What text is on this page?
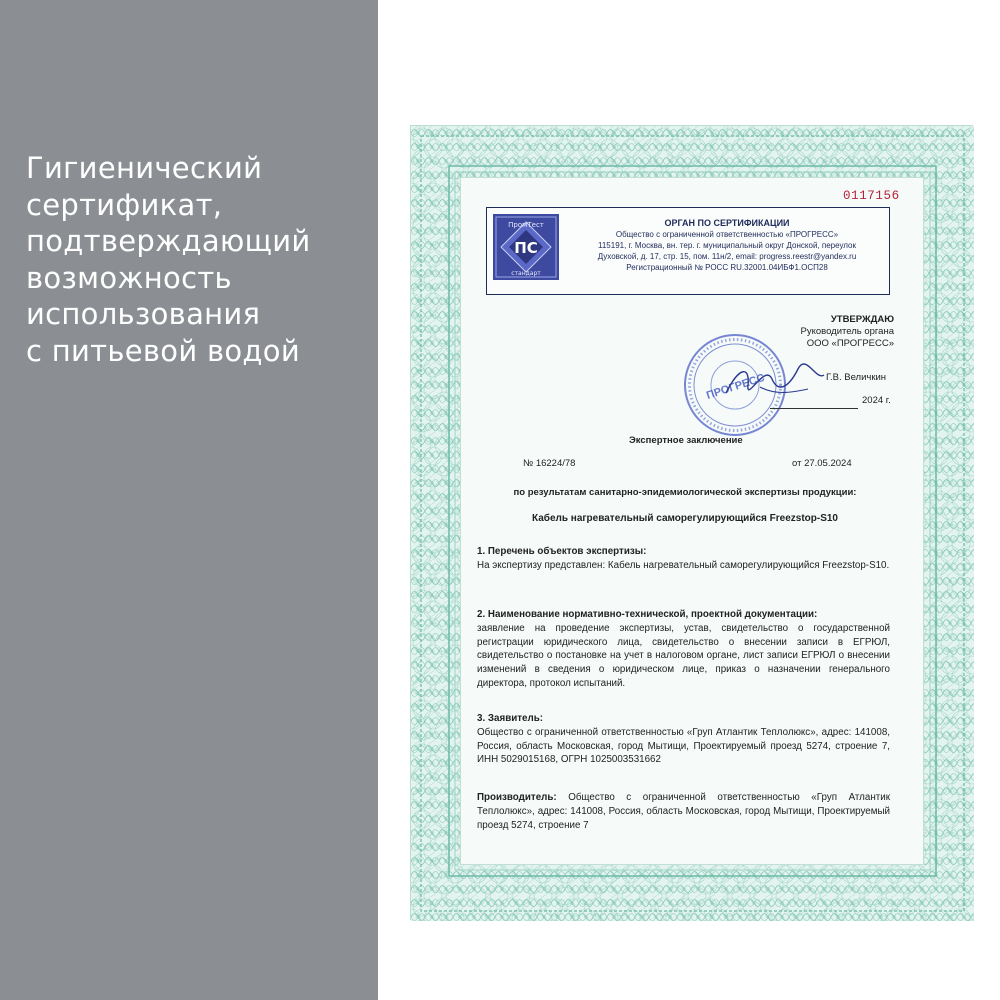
Гигиенический
сертификат,
подтверждающий
возможность
использования
с питьевой водой

0117156

ПС
ПромТест
стандарт
ОРГАН ПО СЕРТИФИКАЦИИ
Общество с ограниченной ответственностью «ПРОГРЕСС»
115191, г. Москва, вн. тер. г. муниципальный округ Донской, переулок
Духовской, д. 17, стр. 15, пом. 11н/2, email: progress.reestr@yandex.ru
Регистрационный № РОСС RU.32001.04ИБФ1.ОСП28
УТВЕРЖДАЮ
Руководитель органа
ООО «ПРОГРЕСС»
ПРОГРЕСС	Г.В. Величкин
2024 г.

Экспертное заключение

№ 16224/78	от 27.05.2024

по результатам санитарно-эпидемиологической экспертизы продукции:

Кабель нагревательный саморегулирующийся Freezstop-S10

1. Перечень объектов экспертизы:
На экспертизу представлен: Кабель нагревательный саморегулирующийся Freezstop-S10.

2. Наименование нормативно-технической, проектной документации:
заявление на проведение экспертизы, устав, свидетельство о государственной регистрации юридического лица, свидетельство о внесении записи в ЕГРЮЛ, свидетельство о постановке на учет в налоговом органе, лист записи ЕГРЮЛ о внесении изменений в сведения о юридическом лице, приказ о назначении генерального директора, протокол испытаний.

3. Заявитель:
Общество с ограниченной ответственностью «Груп Атлантик Теплолюкс», адрес: 141008, Россия, область Московская, город Мытищи, Проектируемый проезд 5274, строение 7, ИНН 5029015168, ОГРН 1025003531662

Производитель: Общество с ограниченной ответственностью «Груп Атлантик Теплолюкс», адрес: 141008, Россия, область Московская, город Мытищи, Проектируемый проезд 5274, строение 7
